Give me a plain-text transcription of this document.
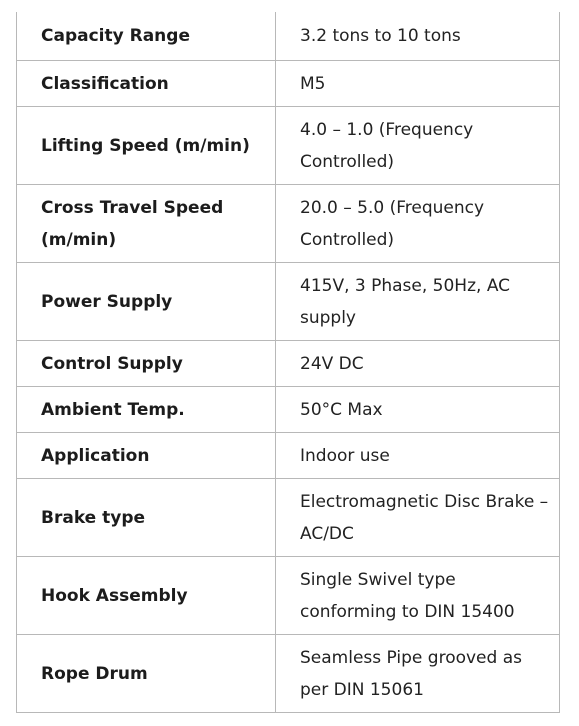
Capacity Range	3.2 tons to 10 tons
Classification	M5
Lifting Speed (m/min)	4.0 – 1.0 (Frequency Controlled)
Cross Travel Speed (m/min)	20.0 – 5.0 (Frequency Controlled)
Power Supply	415V, 3 Phase, 50Hz, AC supply
Control Supply	24V DC
Ambient Temp.	50°C Max
Application	Indoor use
Brake type	Electromagnetic Disc Brake – AC/DC
Hook Assembly	Single Swivel type conforming to DIN 15400
Rope Drum	Seamless Pipe grooved as per DIN 15061
